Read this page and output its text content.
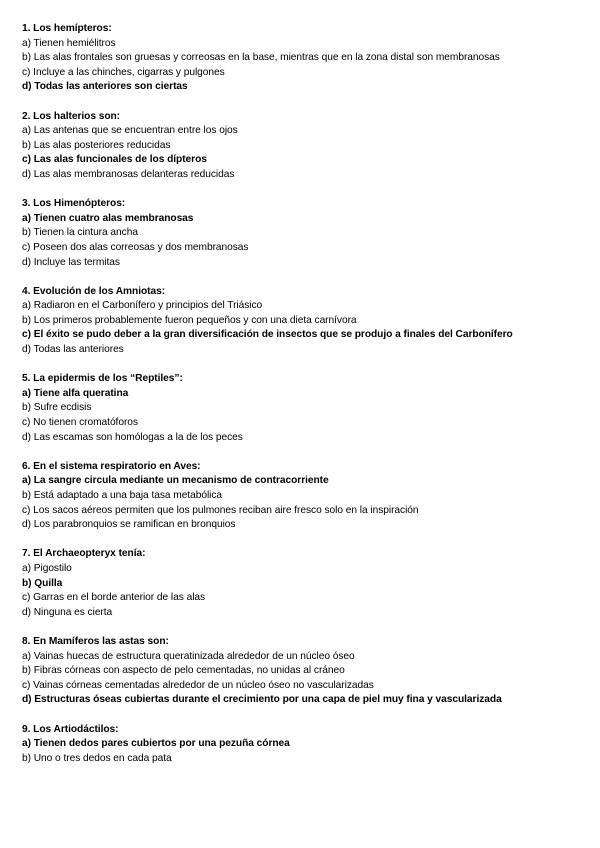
1. Los hemípteros:
a) Tienen hemiélitros
b) Las alas frontales son gruesas y correosas en la base, mientras que en la zona distal son membranosas
c) Incluye a las chinches, cigarras y pulgones
d) Todas las anteriores son ciertas
2. Los halterios son:
a) Las antenas que se encuentran entre los ojos
b) Las alas posteriores reducidas
c) Las alas funcionales de los dípteros
d) Las alas membranosas delanteras reducidas
3. Los Himenópteros:
a) Tienen cuatro alas membranosas
b) Tienen la cintura ancha
c) Poseen dos alas correosas y dos membranosas
d) Incluye las termitas
4. Evolución de los Amniotas:
a) Radiaron en el Carbonífero y principios del Triásico
b) Los primeros probablemente fueron pequeños y con una dieta carnívora
c) El éxito se pudo deber a la gran diversificación de insectos que se produjo a finales del Carbonífero
d) Todas las anteriores
5. La epidermis de los “Reptiles”:
a) Tiene alfa queratina
b) Sufre ecdisis
c) No tienen cromatóforos
d) Las escamas son homólogas a la de los peces
6. En el sistema respiratorio en Aves:
a) La sangre circula mediante un mecanismo de contracorriente
b) Está adaptado a una baja tasa metabólica
c) Los sacos aéreos permiten que los pulmones reciban aire fresco solo en la inspiración
d) Los parabronquios se ramifican en bronquios
7. El Archaeopteryx tenía:
a) Pigostilo
b) Quilla
c) Garras en el borde anterior de las alas
d) Ninguna es cierta
8. En Mamíferos las astas son:
a) Vainas huecas de estructura queratinizada alrededor de un núcleo óseo
b) Fibras córneas con aspecto de pelo cementadas, no unidas al cráneo
c) Vainas córneas cementadas alrededor de un núcleo óseo no vascularizadas
d) Estructuras óseas cubiertas durante el crecimiento por una capa de piel muy fina y vascularizada
9. Los Artiodáctilos:
a) Tienen dedos pares cubiertos por una pezuña córnea
b) Uno o tres dedos en cada pata
